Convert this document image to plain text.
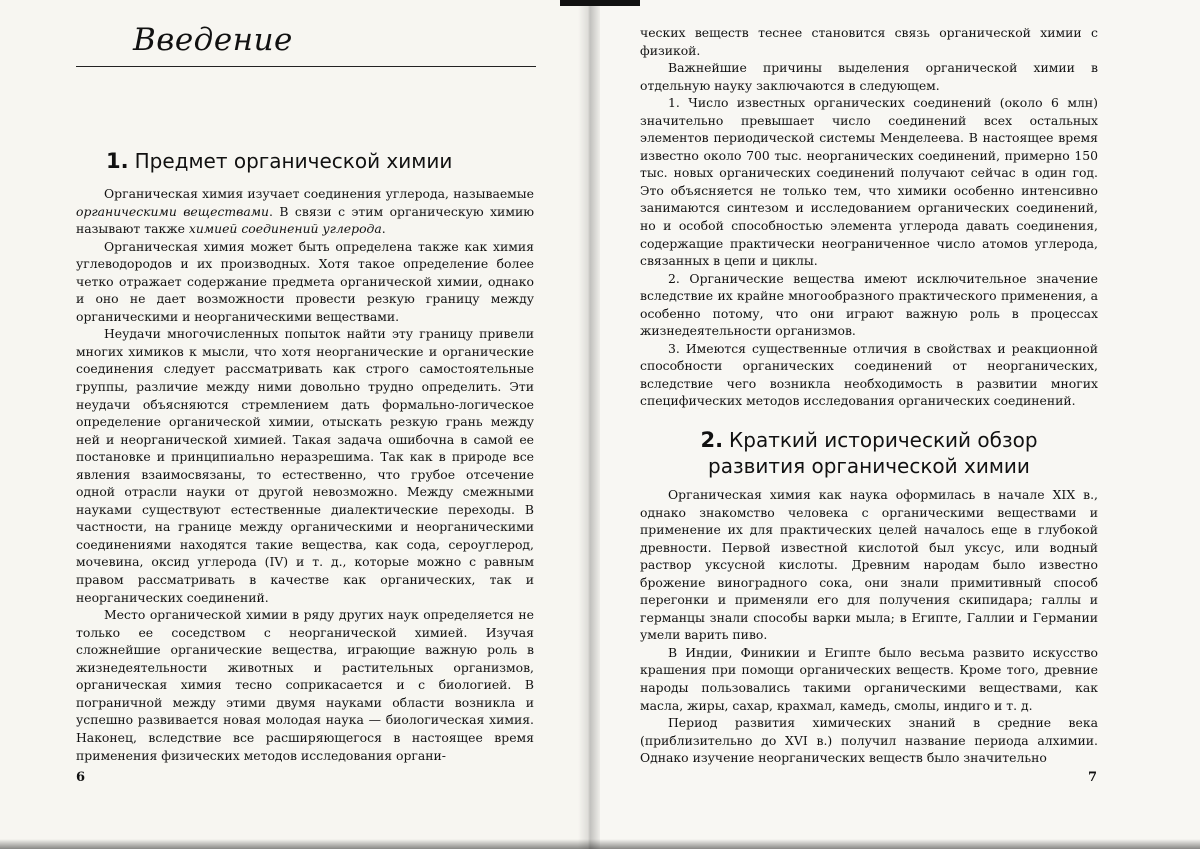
Введение
1. Предмет органической химии

Органическая химия изучает соединения углерода, называемые органическими веществами. В связи с этим органическую химию называют также химией соединений углерода.

Органическая химия может быть определена также как химия углеводородов и их производных. Хотя такое определение более четко отражает содержание предмета органической химии, однако и оно не дает возможности провести резкую границу между органическими и неорганическими веществами.

Неудачи многочисленных попыток найти эту границу привели многих химиков к мысли, что хотя неорганические и органические соединения следует рассматривать как строго самостоятельные группы, различие между ними довольно трудно определить. Эти неудачи объясняются стремлением дать формально-логическое определение органической химии, отыскать резкую грань между ней и неорганической химией. Такая задача ошибочна в самой ее постановке и принципиально неразрешима. Так как в природе все явления взаимосвязаны, то естественно, что грубое отсечение одной отрасли науки от другой невозможно. Между смежными науками существуют естественные диалектические переходы. В частности, на границе между органическими и неорганическими соединениями находятся такие вещества, как сода, сероуглерод, мочевина, оксид углерода (IV) и т. д., которые можно с равным правом рассматривать в качестве как органических, так и неорганических соединений.

Место органической химии в ряду других наук определяется не только ее соседством с неорганической химией. Изучая сложнейшие органические вещества, играющие важную роль в жизнедеятельности животных и растительных организмов, органическая химия тесно соприкасается и с биологией. В пограничной между этими двумя науками области возникла и успешно развивается новая молодая наука — биологическая химия. Наконец, вследствие все расширяющегося в настоящее время применения физических методов исследования органи-

6

ческих веществ теснее становится связь органической химии с физикой.

Важнейшие причины выделения органической химии в отдельную науку заключаются в следующем.

1. Число известных органических соединений (около 6 млн) значительно превышает число соединений всех остальных элементов периодической системы Менделеева. В настоящее время известно около 700 тыс. неорганических соединений, примерно 150 тыс. новых органических соединений получают сейчас в один год. Это объясняется не только тем, что химики особенно интенсивно занимаются синтезом и исследованием органических соединений, но и особой способностью элемента углерода давать соединения, содержащие практически неограниченное число атомов углерода, связанных в цепи и циклы.

2. Органические вещества имеют исключительное значение вследствие их крайне многообразного практического применения, а особенно потому, что они играют важную роль в процессах жизнедеятельности организмов.

3. Имеются существенные отличия в свойствах и реакционной способности органических соединений от неорганических, вследствие чего возникла необходимость в развитии многих специфических методов исследования органических соединений.

2. Краткий исторический обзор
развития органической химии

Органическая химия как наука оформилась в начале XIX в., однако знакомство человека с органическими веществами и применение их для практических целей началось еще в глубокой древности. Первой известной кислотой был уксус, или водный раствор уксусной кислоты. Древним народам было известно брожение виноградного сока, они знали примитивный способ перегонки и применяли его для получения скипидара; галлы и германцы знали способы варки мыла; в Египте, Галлии и Германии умели варить пиво.

В Индии, Финикии и Египте было весьма развито искусство крашения при помощи органических веществ. Кроме того, древние народы пользовались такими органическими веществами, как масла, жиры, сахар, крахмал, камедь, смолы, индиго и т. д.

Период развития химических знаний в средние века (приблизительно до XVI в.) получил название периода алхимии. Однако изучение неорганических веществ было значительно

7
